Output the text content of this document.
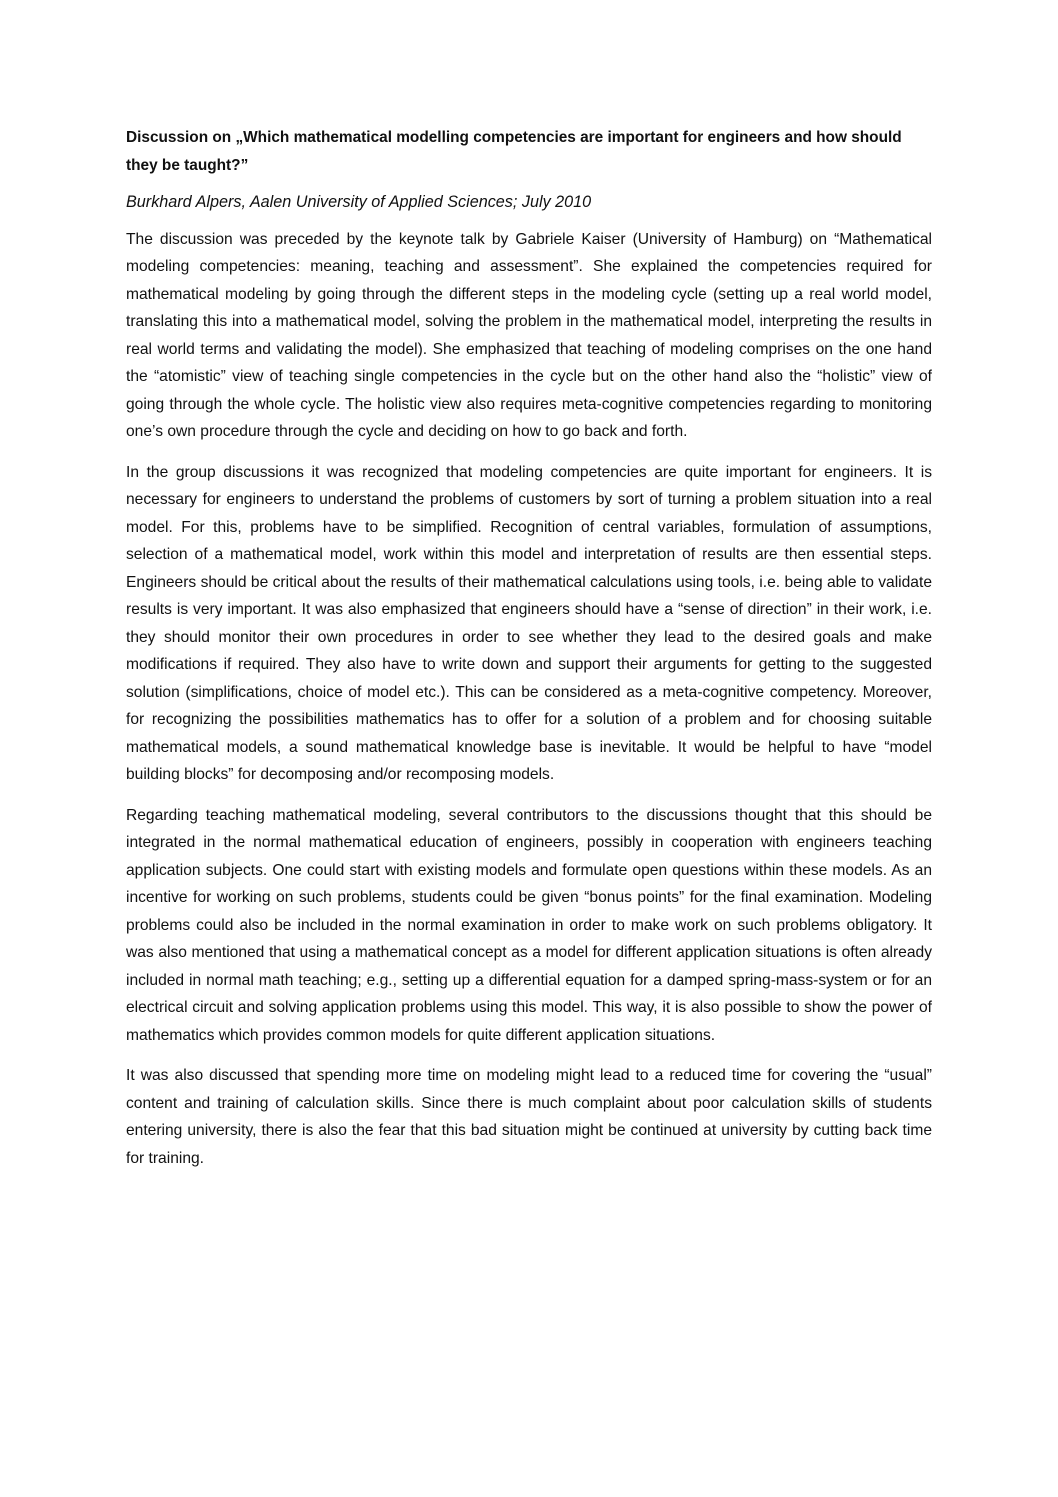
Discussion on „Which mathematical modelling competencies are important for engineers and how should they be taught?”
Burkhard Alpers, Aalen University of Applied Sciences; July 2010

The discussion was preceded by the keynote talk by Gabriele Kaiser (University of Hamburg) on “Mathematical modeling competencies: meaning, teaching and assessment”. She explained the competencies required for mathematical modeling by going through the different steps in the modeling cycle (setting up a real world model, translating this into a mathematical model, solving the problem in the mathematical model, interpreting the results in real world terms and validating the model). She emphasized that teaching of modeling comprises on the one hand the “atomistic” view of teaching single competencies in the cycle but on the other hand also the “holistic” view of going through the whole cycle. The holistic view also requires meta-cognitive competencies regarding to monitoring one’s own procedure through the cycle and deciding on how to go back and forth.

In the group discussions it was recognized that modeling competencies are quite important for engineers. It is necessary for engineers to understand the problems of customers by sort of turning a problem situation into a real model. For this, problems have to be simplified. Recognition of central variables, formulation of assumptions, selection of a mathematical model, work within this model and interpretation of results are then essential steps. Engineers should be critical about the results of their mathematical calculations using tools, i.e. being able to validate results is very important. It was also emphasized that engineers should have a “sense of direction” in their work, i.e. they should monitor their own procedures in order to see whether they lead to the desired goals and make modifications if required. They also have to write down and support their arguments for getting to the suggested solution (simplifications, choice of model etc.). This can be considered as a meta-cognitive competency. Moreover, for recognizing the possibilities mathematics has to offer for a solution of a problem and for choosing suitable mathematical models, a sound mathematical knowledge base is inevitable. It would be helpful to have “model building blocks” for decomposing and/or recomposing models.

Regarding teaching mathematical modeling, several contributors to the discussions thought that this should be integrated in the normal mathematical education of engineers, possibly in cooperation with engineers teaching application subjects. One could start with existing models and formulate open questions within these models. As an incentive for working on such problems, students could be given “bonus points” for the final examination. Modeling problems could also be included in the normal examination in order to make work on such problems obligatory. It was also mentioned that using a mathematical concept as a model for different application situations is often already included in normal math teaching; e.g., setting up a differential equation for a damped spring-mass-system or for an electrical circuit and solving application problems using this model. This way, it is also possible to show the power of mathematics which provides common models for quite different application situations.

It was also discussed that spending more time on modeling might lead to a reduced time for covering the “usual” content and training of calculation skills. Since there is much complaint about poor calculation skills of students entering university, there is also the fear that this bad situation might be continued at university by cutting back time for training.
